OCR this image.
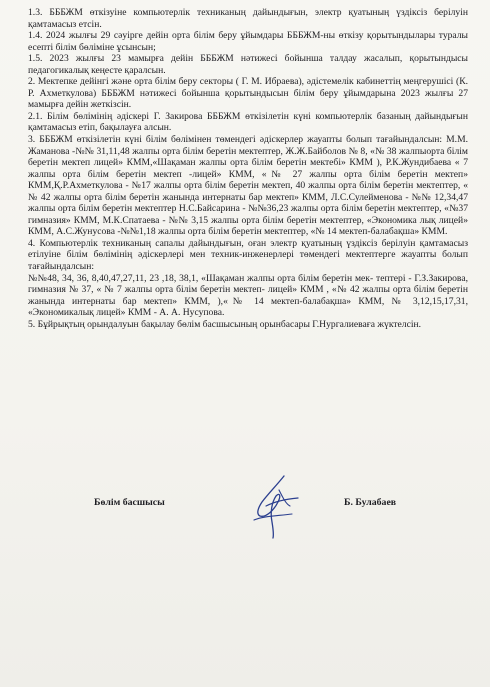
1.3. БББЖМ өткізуіне компьютерлік техниканың дайындығын, электр қуатының үздіксіз берілуін қамтамасыз етсін.

1.4. 2024 жылғы 29 сәуірге дейін орта білім беру ұйымдары БББЖМ-ны өткізу қорытындылары туралы есепті білім бөліміне ұсынсын;

1.5. 2023 жылғы 23 мамырға дейін БББЖМ нәтижесі бойынша талдау жасалып, қорытындысы педагогикалық кеңесте қаралсын.

2. Мектепке дейінгі және орта білім беру секторы ( Г. М. Ибраева), әдістемелік кабинеттің меңгерушісі (К. Р. Ахметкулова) БББЖМ нәтижесі бойынша қорытындысын білім беру ұйымдарына 2023 жылғы 27 мамырға дейін жеткізсін.

2.1. Білім бөлімінің әдіскері Г. Закирова БББЖМ өткізілетін күні компьютерлік базаның дайындығын қамтамасыз етіп, бақылауға алсын.

3. БББЖМ өткізілетін күні білім бөлімінен төмендегі әдіскерлер жауапты болып тағайындалсын: М.М. Жаманова -№№ 31,11,48 жалпы орта білім беретін мектептер, Ж.Ж.Байболов № 8, «№ 38 жалпыорта білім беретін мектеп лицей» КММ,«Шақаман жалпы орта білім беретін мектебі» КММ ), Р.К.Жундибаева « 7 жалпы орта білім беретін мектеп -лицей» КММ, «№ 27 жалпы орта білім беретін мектеп» КММ,Қ.Р.Ахметкулова - №17 жалпы орта білім беретін мектеп, 40 жалпы орта білім беретін мектептер, « № 42 жалпы орта білім беретін жанында интернаты бар мектеп» КММ, Л.С.Сулейменова - №№ 12,34,47 жалпы орта білім беретін мектептер Н.С.Байсарина - №№36,23 жалпы орта білім беретін мектептер, «№37 гимназия» КММ, М.К.Спатаева - №№ 3,15 жалпы орта білім беретін мектептер, «Экономика лық лицей» КММ, А.С.Жунусова -№№1,18 жалпы орта білім беретін мектептер, «№ 14 мектеп-балабақша» КММ.

4. Компьютерлік техниканың сапалы дайындығын, оған электр қуатының үздіксіз берілуін қамтамасыз етілуіне білім бөлімінің әдіскерлері мен техник-инженерлері төмендегі мектептерге жауапты болып тағайындалсын:

№№48, 34, 36, 8,40,47,27,11, 23 ,18, 38,1, «Шақаман жалпы орта білім беретін мек- тептері - Г.З.Закирова, гимназия № 37, « № 7 жалпы орта білім беретін мектеп- лицей» КММ , «№ 42 жалпы орта білім беретін жанында интернаты бар мектеп» КММ, ),«№ 14 мектеп-балабақша» КММ, № 3,12,15,17,31, «Экономикалық лицей» КММ - А. А. Нусупова.

5. Бұйрықтың орындалуын бақылау бөлім басшысының орынбасары Г.Нургалиеваға жүктелсін.

Бөлім басшысы	Б. Булабаев
